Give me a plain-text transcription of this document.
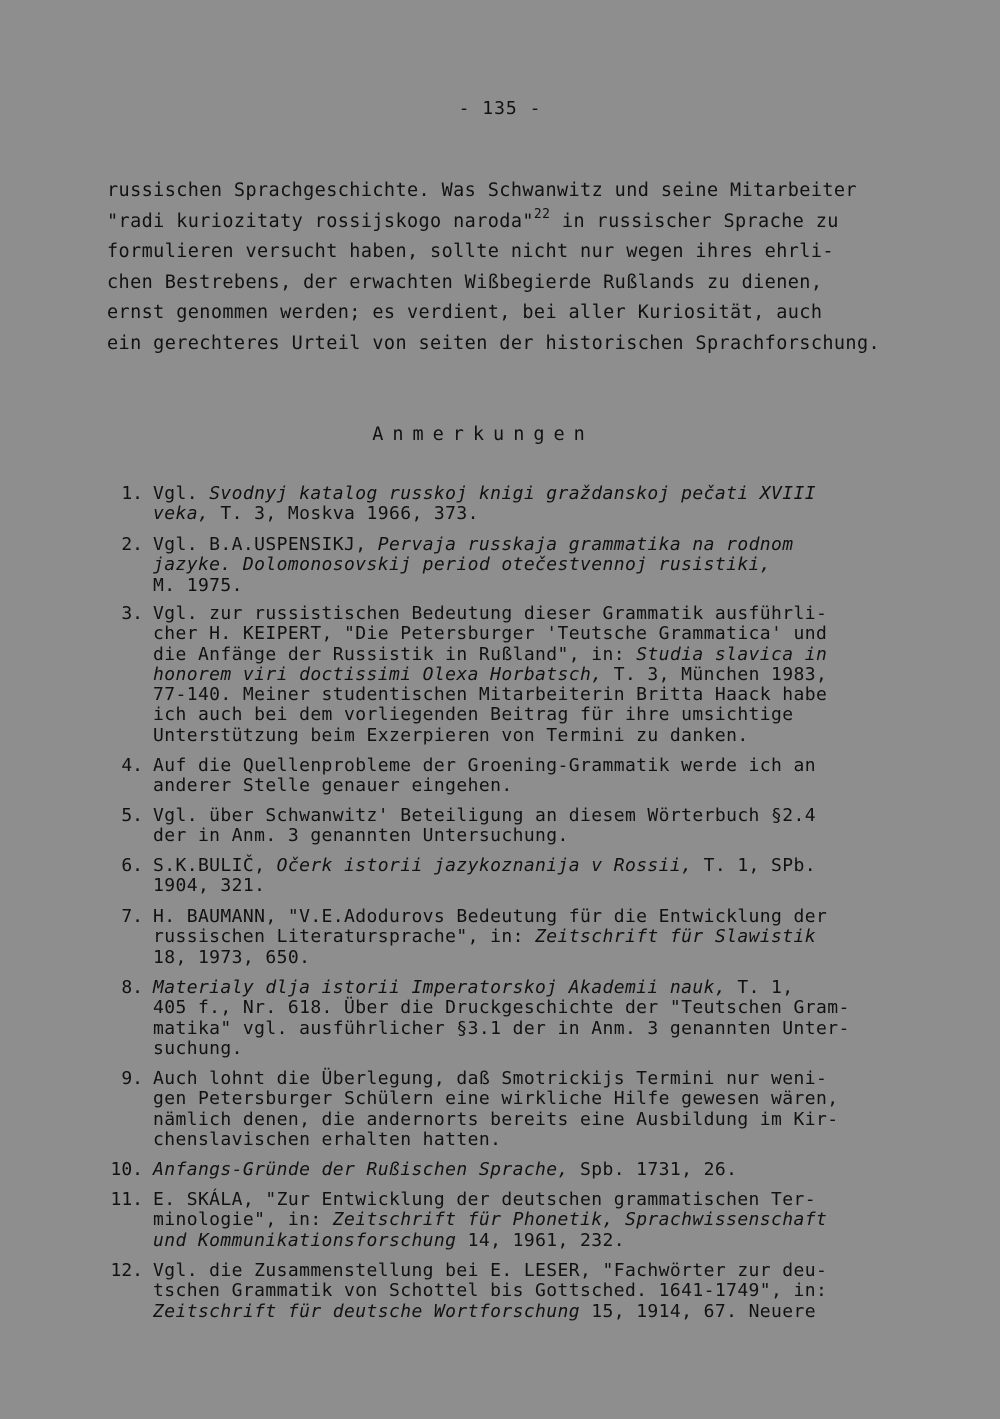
- 135 -
russischen Sprachgeschichte. Was Schwanwitz und seine Mitarbeiter
"radi kuriozitaty rossijskogo naroda"$^{22}$ in russischer Sprache zu
formulieren versucht haben, sollte nicht nur wegen ihres ehrli-
chen Bestrebens, der erwachten Wißbegierde Rußlands zu dienen,
ernst genommen werden; es verdient, bei aller Kuriosität, auch
ein gerechteres Urteil von seiten der historischen Sprachforschung.
Anmerkungen
1. Vgl. Svodnyj katalog russkoj knigi graždanskoj pečati XVIII
veka, T. 3, Moskva 1966, 373.
2. Vgl. B.A.USPENSIKJ, Pervaja russkaja grammatika na rodnom
jazyke. Dolomonosovskij period otečestvennoj rusistiki,
M. 1975.
3. Vgl. zur russistischen Bedeutung dieser Grammatik ausführli-
cher H. KEIPERT, "Die Petersburger 'Teutsche Grammatica' und
die Anfänge der Russistik in Rußland", in: Studia slavica in
honorem viri doctissimi Olexa Horbatsch, T. 3, München 1983,
77-140. Meiner studentischen Mitarbeiterin Britta Haack habe
ich auch bei dem vorliegenden Beitrag für ihre umsichtige
Unterstützung beim Exzerpieren von Termini zu danken.
4. Auf die Quellenprobleme der Groening-Grammatik werde ich an
anderer Stelle genauer eingehen.
5. Vgl. über Schwanwitz' Beteiligung an diesem Wörterbuch §2.4
der in Anm. 3 genannten Untersuchung.
6. S.K.BULIČ, Očerk istorii jazykoznanija v Rossii, T. 1, SPb.
1904, 321.
7. H. BAUMANN, "V.E.Adodurovs Bedeutung für die Entwicklung der
russischen Literatursprache", in: Zeitschrift für Slawistik
18, 1973, 650.
8. Materialy dlja istorii Imperatorskoj Akademii nauk, T. 1,
405 f., Nr. 618. Über die Druckgeschichte der "Teutschen Gram-
matika" vgl. ausführlicher §3.1 der in Anm. 3 genannten Unter-
suchung.
9. Auch lohnt die Überlegung, daß Smotrickijs Termini nur weni-
gen Petersburger Schülern eine wirkliche Hilfe gewesen wären,
nämlich denen, die andernorts bereits eine Ausbildung im Kir-
chenslavischen erhalten hatten.
10. Anfangs-Gründe der Rußischen Sprache, Spb. 1731, 26.
11. E. SKÁLA, "Zur Entwicklung der deutschen grammatischen Ter-
minologie", in: Zeitschrift für Phonetik, Sprachwissenschaft
und Kommunikationsforschung 14, 1961, 232.
12. Vgl. die Zusammenstellung bei E. LESER, "Fachwörter zur deu-
tschen Grammatik von Schottel bis Gottsched. 1641-1749", in:
Zeitschrift für deutsche Wortforschung 15, 1914, 67. Neuere
